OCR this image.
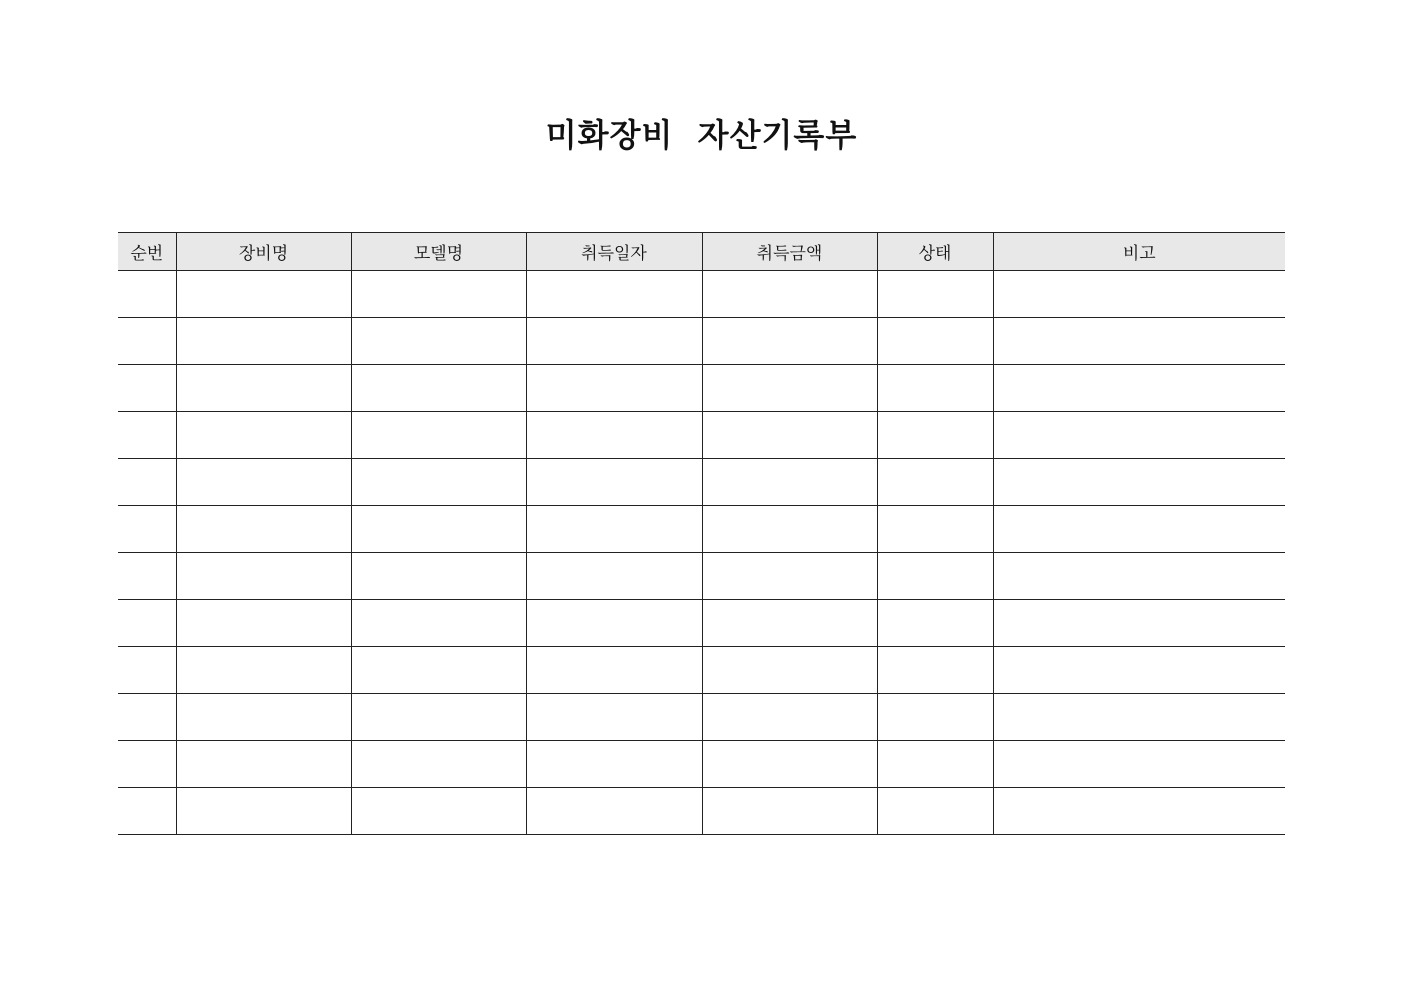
미화장비  자산기록부
순번	장비명	모델명	취득일자	취득금액	상태	비고
